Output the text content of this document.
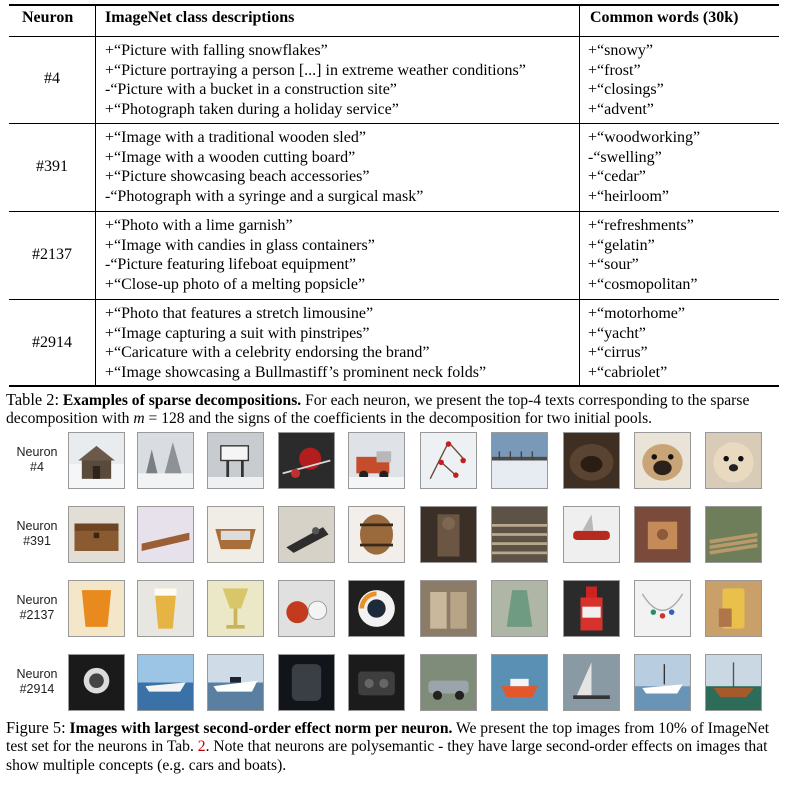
Neuron ImageNet class descriptions	Common words (30k)
#4
+“Picture with falling snowflakes”
+“Picture portraying a person [...] in extreme weather conditions”
-“Picture with a bucket in a construction site”
+“Photograph taken during a holiday service”
+“snowy”
+“frost”
+“closings”
+“advent”
#391
+“Image with a traditional wooden sled”
+“Image with a wooden cutting board”
+“Picture showcasing beach accessories”
-“Photograph with a syringe and a surgical mask”
+“woodworking”
-“swelling”
+“cedar”
+“heirloom”
#2137
+“Photo with a lime garnish”
+“Image with candies in glass containers”
-“Picture featuring lifeboat equipment”
+“Close-up photo of a melting popsicle”
+“refreshments”
+“gelatin”
+“sour”
+“cosmopolitan”
#2914
+“Photo that features a stretch limousine”
+“Image capturing a suit with pinstripes”
+“Caricature with a celebrity endorsing the brand”
+“Image showcasing a Bullmastiff’s prominent neck folds”
+“motorhome”
+“yacht”
+“cirrus”
+“cabriolet”
Table 2: Examples of sparse decompositions. For each neuron, we present the top-4 texts corresponding to the sparse decomposition with m = 128 and the signs of the coefficients in the decomposition for two initial pools.
Neuron
#4
Neuron
#391
Neuron
#2137
Neuron
#2914
Figure 5: Images with largest second-order effect norm per neuron. We present the top images from 10% of ImageNet test set for the neurons in Tab. 2. Note that neurons are polysemantic - they have large second-order effects on images that show multiple concepts (e.g. cars and boats).
